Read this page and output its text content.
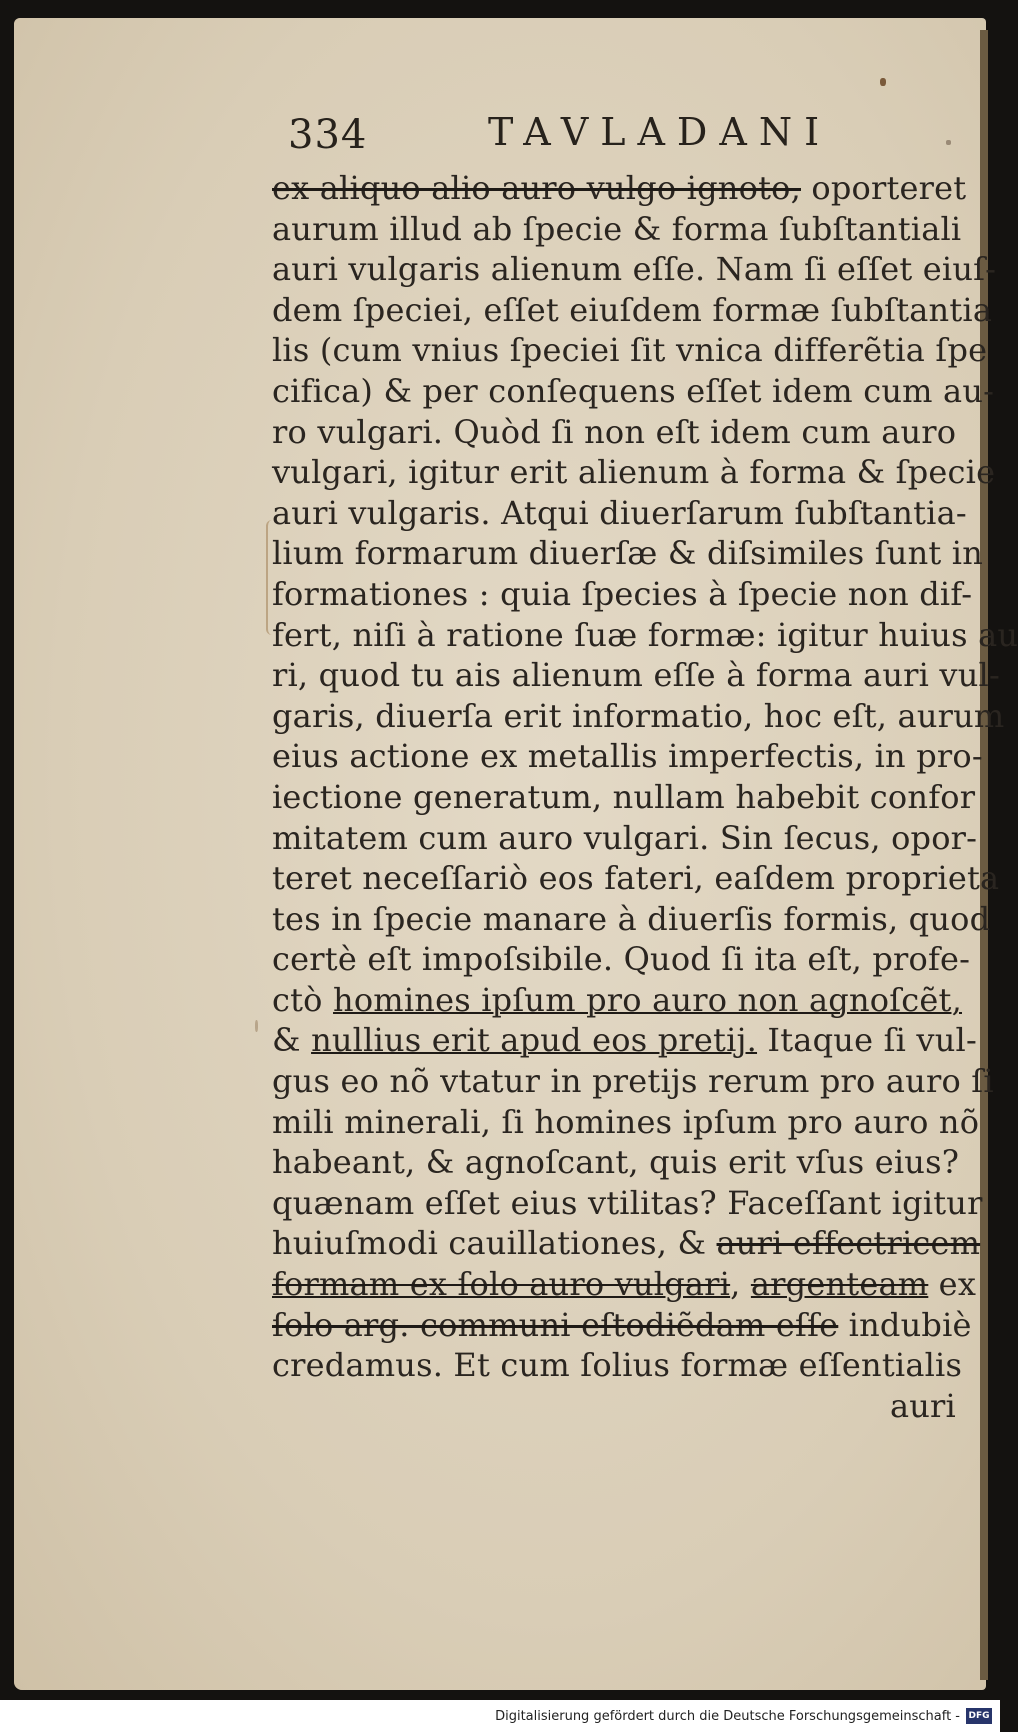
334	TAVLADANI
ex aliquo alio auro vulgo ignoto, oporteret
aurum illud ab ſpecie & forma ſubſtantiali
auri vulgaris alienum eſſe. Nam ſi eſſet eiuſ-
dem ſpeciei, eſſet eiuſdem formæ ſubſtantia
lis (cum vnius ſpeciei ſit vnica differẽtia ſpe
cifica) & per conſequens eſſet idem cum au-
ro vulgari. Quòd ſi non eſt idem cum auro
vulgari, igitur erit alienum à forma & ſpecie
auri vulgaris. Atqui diuerſarum ſubſtantia-
lium formarum diuerſæ & diſsimiles ſunt in
formationes : quia ſpecies à ſpecie non dif-
fert, niſi à ratione ſuæ formæ: igitur huius au
ri, quod tu ais alienum eſſe à forma auri vul-
garis, diuerſa erit informatio, hoc eſt, aurum
eius actione ex metallis imperfectis, in pro-
iectione generatum, nullam habebit confor
mitatem cum auro vulgari. Sin ſecus, opor-
teret neceſſariò eos fateri, eaſdem proprieta
tes in ſpecie manare à diuerſis formis, quod
certè eſt impoſsibile. Quod ſi ita eſt, profe-
ctò homines ipſum pro auro non agnoſcẽt,
& nullius erit apud eos pretij. Itaque ſi vul-
gus eo nõ vtatur in pretijs rerum pro auro ſi
mili minerali, ſi homines ipſum pro auro nõ
habeant, & agnoſcant, quis erit vſus eius?
quænam eſſet eius vtilitas? Faceſſant igitur
huiuſmodi cauillationes, & auri effectricem
formam ex ſolo auro vulgari, argenteam ex
ſolo arg. communi eſtodiẽdam eſſe indubiè
credamus. Et cum ſolius formæ eſſentialis
auri
Digitalisierung gefördert durch die Deutsche Forschungsgemeinschaft - DFG
